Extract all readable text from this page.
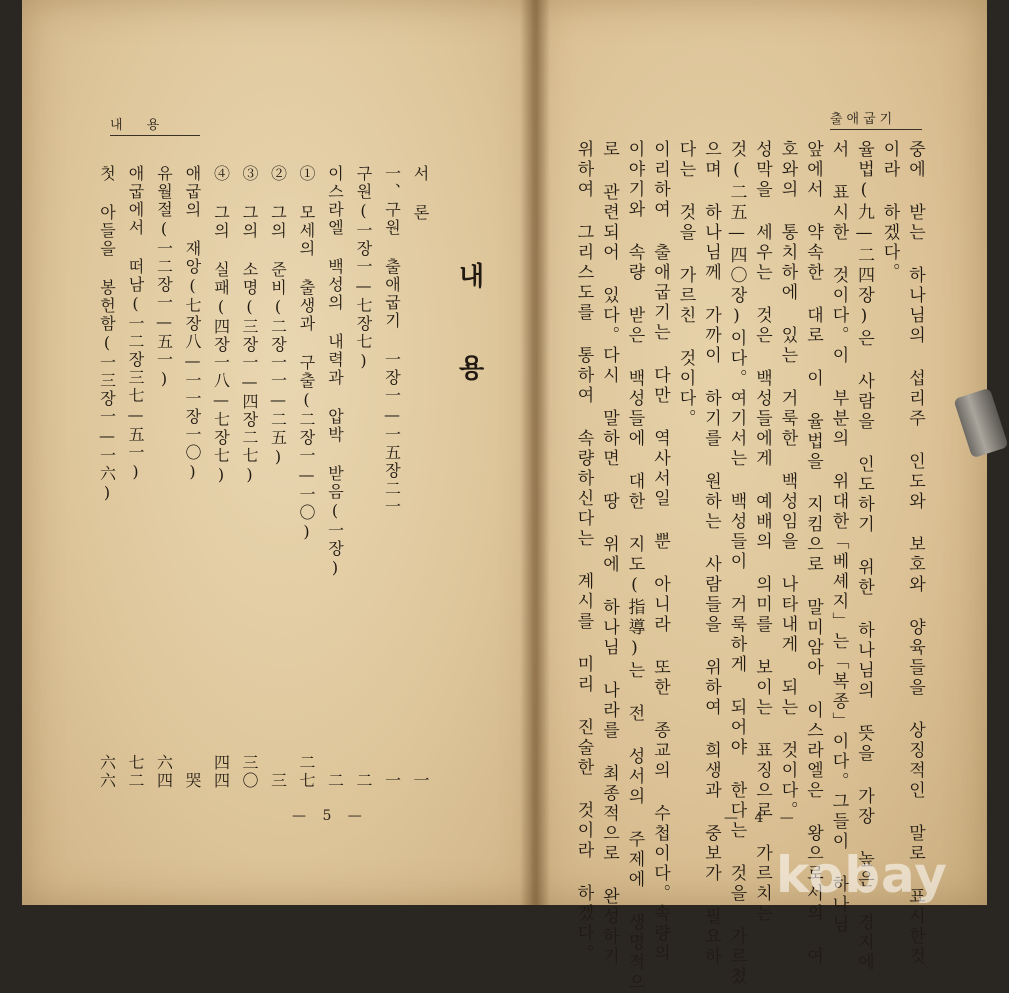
내 용
내 용
서 론
一
一、구원 출애굽기 一장一—一五장二一
一
구원(一장一—七장七)
二
이스라엘 백성의 내력과 압박 받음(一장)
二
① 모세의 출생과 구출(二장一—一〇)
二七
② 그의 준비(二장一一—二五)
三
③ 그의 소명(三장一—四장二七)
三〇
④ 그의 실패(四장一八—七장七)
四四
애굽의 재앙(七장八—一一장一〇)
哭
유월절(一二장一—五一)
六四
애굽에서 떠남(一二장三七—五一)
七二
첫 아들을 봉헌함(一三장一—一六)
六六
— 5 —
출애굽기
중에 받는 하나님의 섭리주 인도와 보호와 양육들을 상징적인 말로 표시한것
이라 하겠다。
율법(九—二四장)은 사람을 인도하기 위한 하나님의 뜻을 가장 높은 경지에
서 표시한 것이다。이 부분의 위대한「베셰지」는「복종」이다。그들이 하나님
앞에서 약속한 대로 이 율법을 지킴으로 말미암아 이스라엘은 왕으로서의 여
호와의 통치하에 있는 거룩한 백성임을 나타내게 되는 것이다。
성막을 세우는 것은 백성들에게 예배의 의미를 보이는 표징으로 가르치는
것(二五—四〇장)이다。여기서는 백성들이 거룩하게 되어야 한다는 것을 가르쳤
으며 하나님께 가까이 하기를 원하는 사람들을 위하여 희생과 중보가 필요하
다는 것을 가르친 것이다。
이리하여 출애굽기는 다만 역사서일 뿐 아니라 또한 종교의 수첩이다。속량의
이야기와 속량 받은 백성들에 대한 지도(指導)는 전 성서의 주제에 생명적으
로 관련되어 있다。다시 말하면 땅 위에 하나님 나라를 최종적으로 완성하기
위하여 그리스도를 통하여 속량하신다는 계시를 미리 진술한 것이라 하겠다。	— 4 —
kobay
